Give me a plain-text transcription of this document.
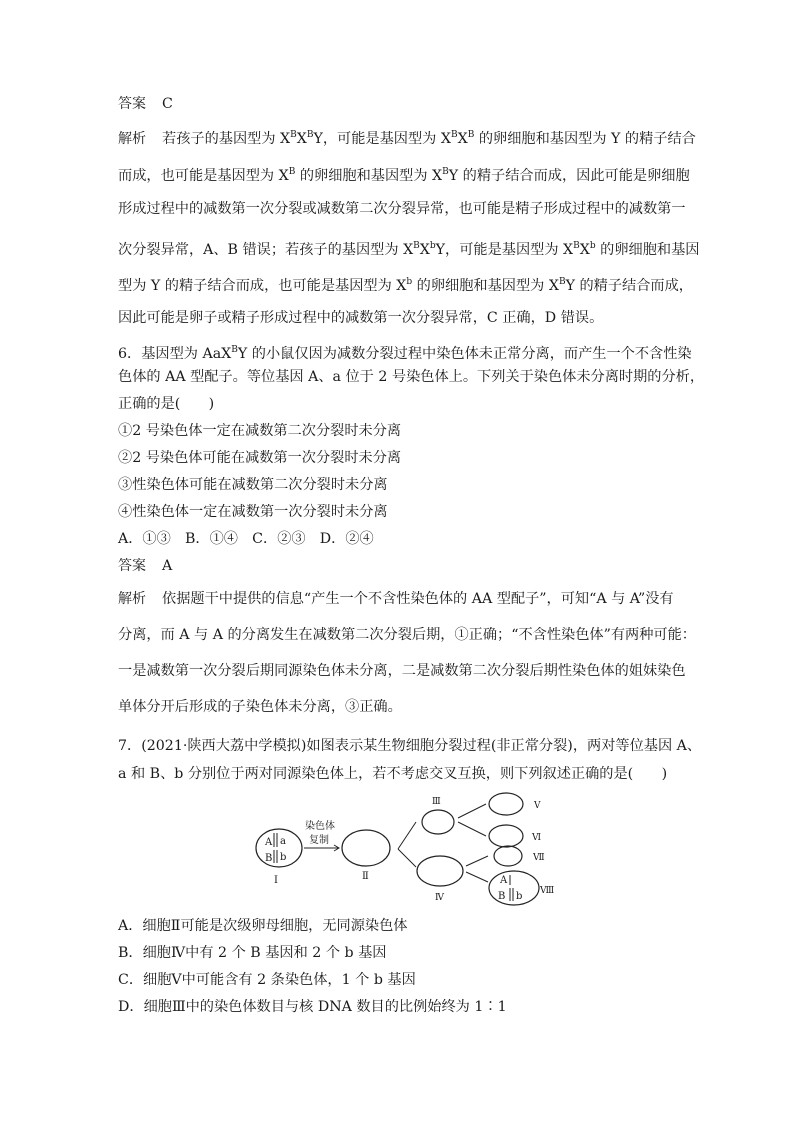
答案 C
解析 若孩子的基因型为 $X^BX^BY$，可能是基因型为 $X^BX^B$ 的卵细胞和基因型为 Y 的精子结合
而成，也可能是基因型为 $X^B$ 的卵细胞和基因型为 $X^BY$ 的精子结合而成，因此可能是卵细胞
形成过程中的减数第一次分裂或减数第二次分裂异常，也可能是精子形成过程中的减数第一
次分裂异常，A、B 错误；若孩子的基因型为 $X^BX^bY$，可能是基因型为 $X^BX^b$ 的卵细胞和基因
型为 Y 的精子结合而成，也可能是基因型为 $X^b$ 的卵细胞和基因型为 $X^BY$ 的精子结合而成，
因此可能是卵子或精子形成过程中的减数第一次分裂异常，C 正确，D 错误。
6．基因型为 AaX$^B$Y 的小鼠仅因为减数分裂过程中染色体未正常分离，而产生一个不含性染
色体的 AA 型配子。等位基因 A、a 位于 2 号染色体上。下列关于染色体未分离时期的分析，
正确的是(　　)
①2 号染色体一定在减数第二次分裂时未分离
②2 号染色体可能在减数第一次分裂时未分离
③性染色体可能在减数第二次分裂时未分离
④性染色体一定在减数第一次分裂时未分离
A．①③　B．①④　C．②③　D．②④
答案 A
解析 依据题干中提供的信息“产生一个不含性染色体的 AA 型配子”，可知“A 与 A”没有
分离，而 A 与 A 的分离发生在减数第二次分裂后期，①正确；“不含性染色体”有两种可能：
一是减数第一次分裂后期同源染色体未分离，二是减数第二次分裂后期性染色体的姐妹染色
单体分开后形成的子染色体未分离，③正确。
7．(2021·陕西大荔中学模拟)如图表示某生物细胞分裂过程(非正常分裂)，两对等位基因 A、
a 和 B、b 分别位于两对同源染色体上，若不考虑交叉互换，则下列叙述正确的是(　　)
A a
B b
Ⅰ
染色体
复制
Ⅱ
Ⅲ
Ⅳ
Ⅴ
Ⅵ
Ⅶ
A
B b Ⅷ
A．细胞Ⅱ可能是次级卵母细胞，无同源染色体
B．细胞Ⅳ中有 2 个 B 基因和 2 个 b 基因
C．细胞Ⅴ中可能含有 2 条染色体，1 个 b 基因
D．细胞Ⅲ中的染色体数目与核 DNA 数目的比例始终为 1∶1
